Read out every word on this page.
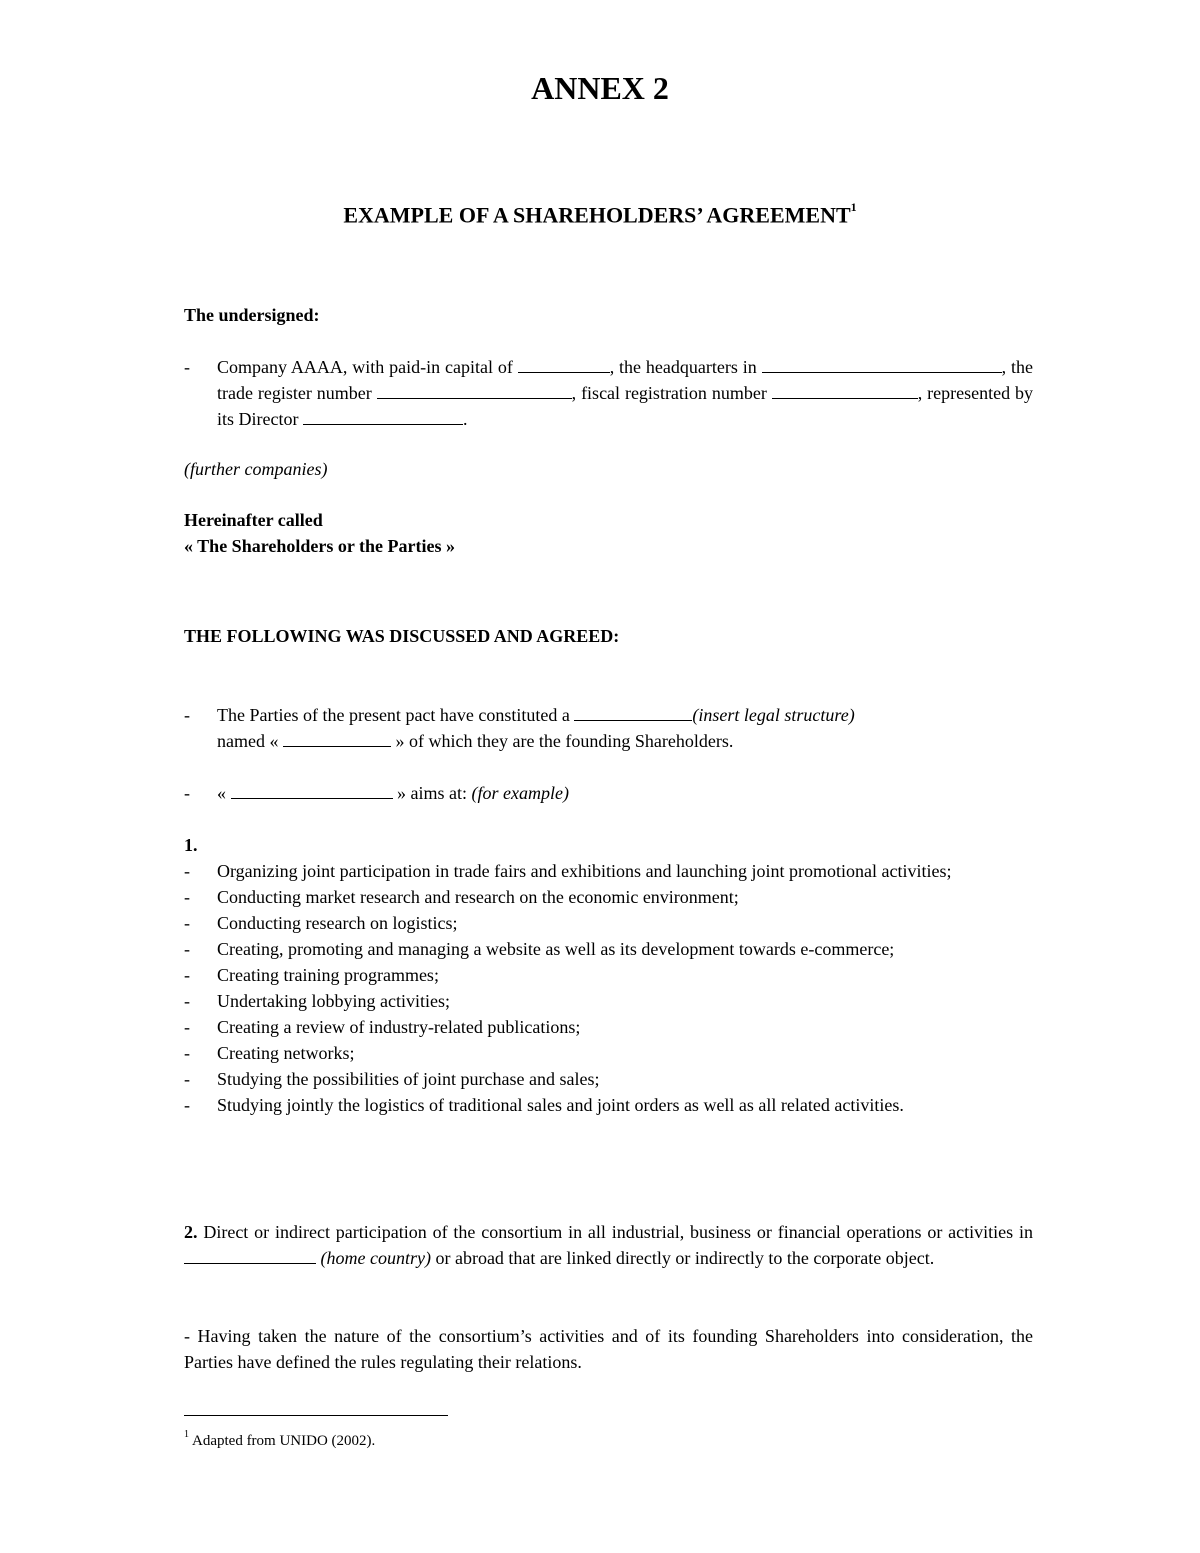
ANNEX 2
EXAMPLE OF A SHAREHOLDERS’ AGREEMENT$^1$
The undersigned:
- Company AAAA, with paid-in capital of	, the headquarters in	, the trade register number	, fiscal registration number	, represented by its Director	.
(further companies)
Hereinafter called
« The Shareholders or the Parties »
THE FOLLOWING WAS DISCUSSED AND AGREED:
- The Parties of the present pact have constituted a	(insert legal structure)
named «	» of which they are the founding Shareholders.
- «	» aims at: (for example)
1.
- Organizing joint participation in trade fairs and exhibitions and launching joint promotional activities;
- Conducting market research and research on the economic environment;
- Conducting research on logistics;
- Creating, promoting and managing a website as well as its development towards e-commerce;
- Creating training programmes;
- Undertaking lobbying activities;
- Creating a review of industry-related publications;
- Creating networks;
- Studying the possibilities of joint purchase and sales;
- Studying jointly the logistics of traditional sales and joint orders as well as all related activities.
2. Direct or indirect participation of the consortium in all industrial, business or financial operations or activities in  (home country) or abroad that are linked directly or indirectly to the corporate object.
- Having taken the nature of the consortium’s activities and of its founding Shareholders into consideration, the Parties have defined the rules regulating their relations.
$^1$ Adapted from UNIDO (2002).
